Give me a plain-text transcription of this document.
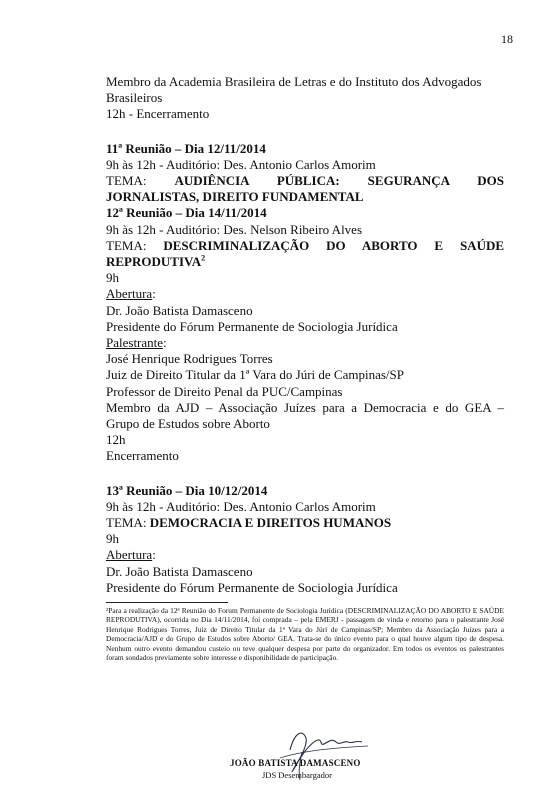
18
Membro da Academia Brasileira de Letras e do Instituto dos Advogados
Brasileiros
12h - Encerramento
11ª Reunião – Dia 12/11/2014
9h às 12h - Auditório: Des. Antonio Carlos Amorim
TEMA: AUDIÊNCIA PÚBLICA: SEGURANÇA DOS
JORNALISTAS, DIREITO FUNDAMENTAL
12ª Reunião – Dia 14/11/2014
9h às 12h - Auditório: Des. Nelson Ribeiro Alves
TEMA: DESCRIMINALIZAÇÃO DO ABORTO E SAÚDE
REPRODUTIVA$^2$
9h
Abertura:
Dr. João Batista Damasceno
Presidente do Fórum Permanente de Sociologia Jurídica
Palestrante:
José Henrique Rodrigues Torres
Juiz de Direito Titular da 1ª Vara do Júri de Campinas/SP
Professor de Direito Penal da PUC/Campinas
Membro da AJD – Associação Juízes para a Democracia e do GEA –
Grupo de Estudos sobre Aborto
12h
Encerramento
13ª Reunião – Dia 10/12/2014
9h às 12h - Auditório: Des. Antonio Carlos Amorim
TEMA: DEMOCRACIA E DIREITOS HUMANOS
9h
Abertura:
Dr. João Batista Damasceno
Presidente do Fórum Permanente de Sociologia Jurídica
²Para a realização da 12ª Reunião do Forum Permanente de Sociologia Jurídica (DESCRIMINALIZAÇÃO DO ABORTO E SAÚDE REPRODUTIVA), ocorrida no Dia 14/11/2014, foi comprada – pela EMERJ - passagem de vinda e retorno para o palestrante José Henrique Rodrigues Torres, Juiz de Direito Titular da 1ª Vara do Júri de Campinas/SP; Membro da Associação Juízes para a Democracia/AJD e do Grupo de Estudos sobre Aborto/ GEA. Trata-se do único evento para o qual houve algum tipo de despesa. Nenhum outro evento demandou custeio ou teve qualquer despesa por parte do organizador. Em todos os eventos os palestrantes foram sondados previamente sobre interesse e disponibilidade de participação.
JOÃO BATISTA DAMASCENO
JDS Desembargador
